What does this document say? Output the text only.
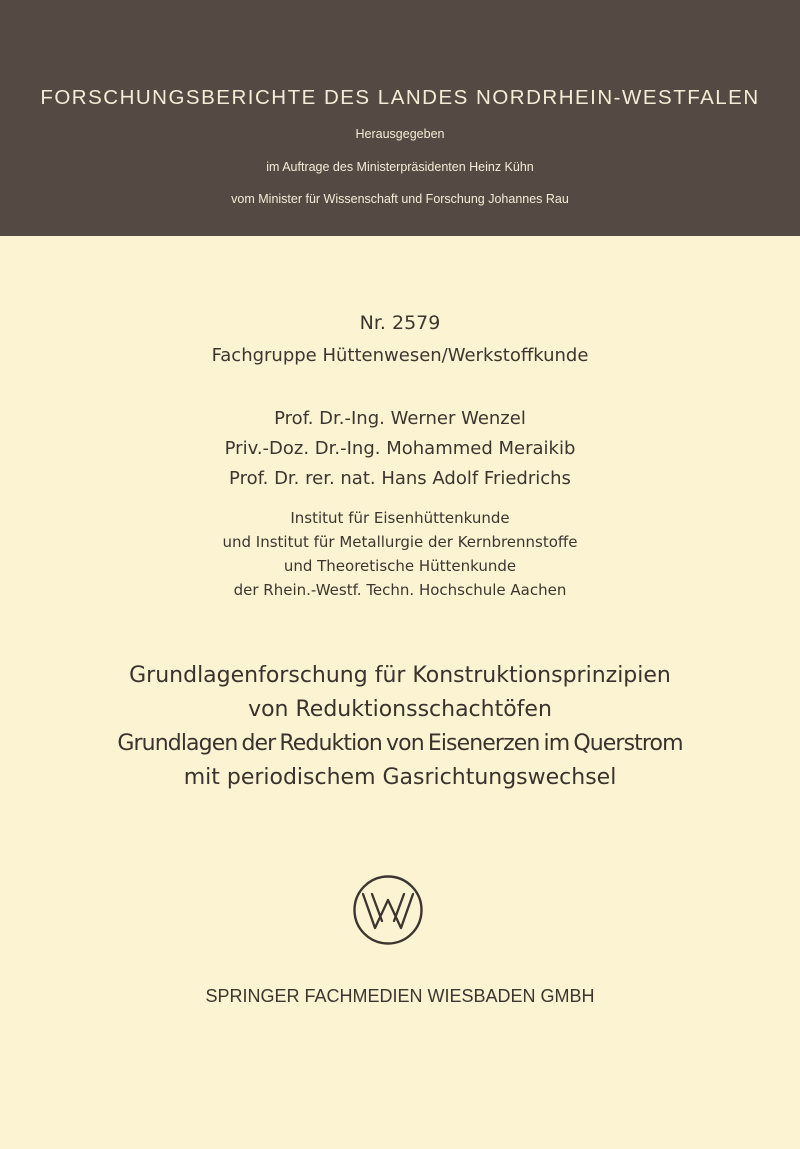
FORSCHUNGSBERICHTE DES LANDES NORDRHEIN-WESTFALEN
Herausgegeben
im Auftrage des Ministerpräsidenten Heinz Kühn
vom Minister für Wissenschaft und Forschung Johannes Rau
Nr. 2579
Fachgruppe Hüttenwesen/Werkstoffkunde
Prof. Dr.-Ing. Werner Wenzel
Priv.-Doz. Dr.-Ing. Mohammed Meraikib
Prof. Dr. rer. nat. Hans Adolf Friedrichs
Institut für Eisenhüttenkunde
und Institut für Metallurgie der Kernbrennstoffe
und Theoretische Hüttenkunde
der Rhein.-Westf. Techn. Hochschule Aachen
Grundlagenforschung für Konstruktionsprinzipien
von Reduktionsschachtöfen
Grundlagen der Reduktion von Eisenerzen im Querstrom
mit periodischem Gasrichtungswechsel
SPRINGER FACHMEDIEN WIESBADEN GMBH
